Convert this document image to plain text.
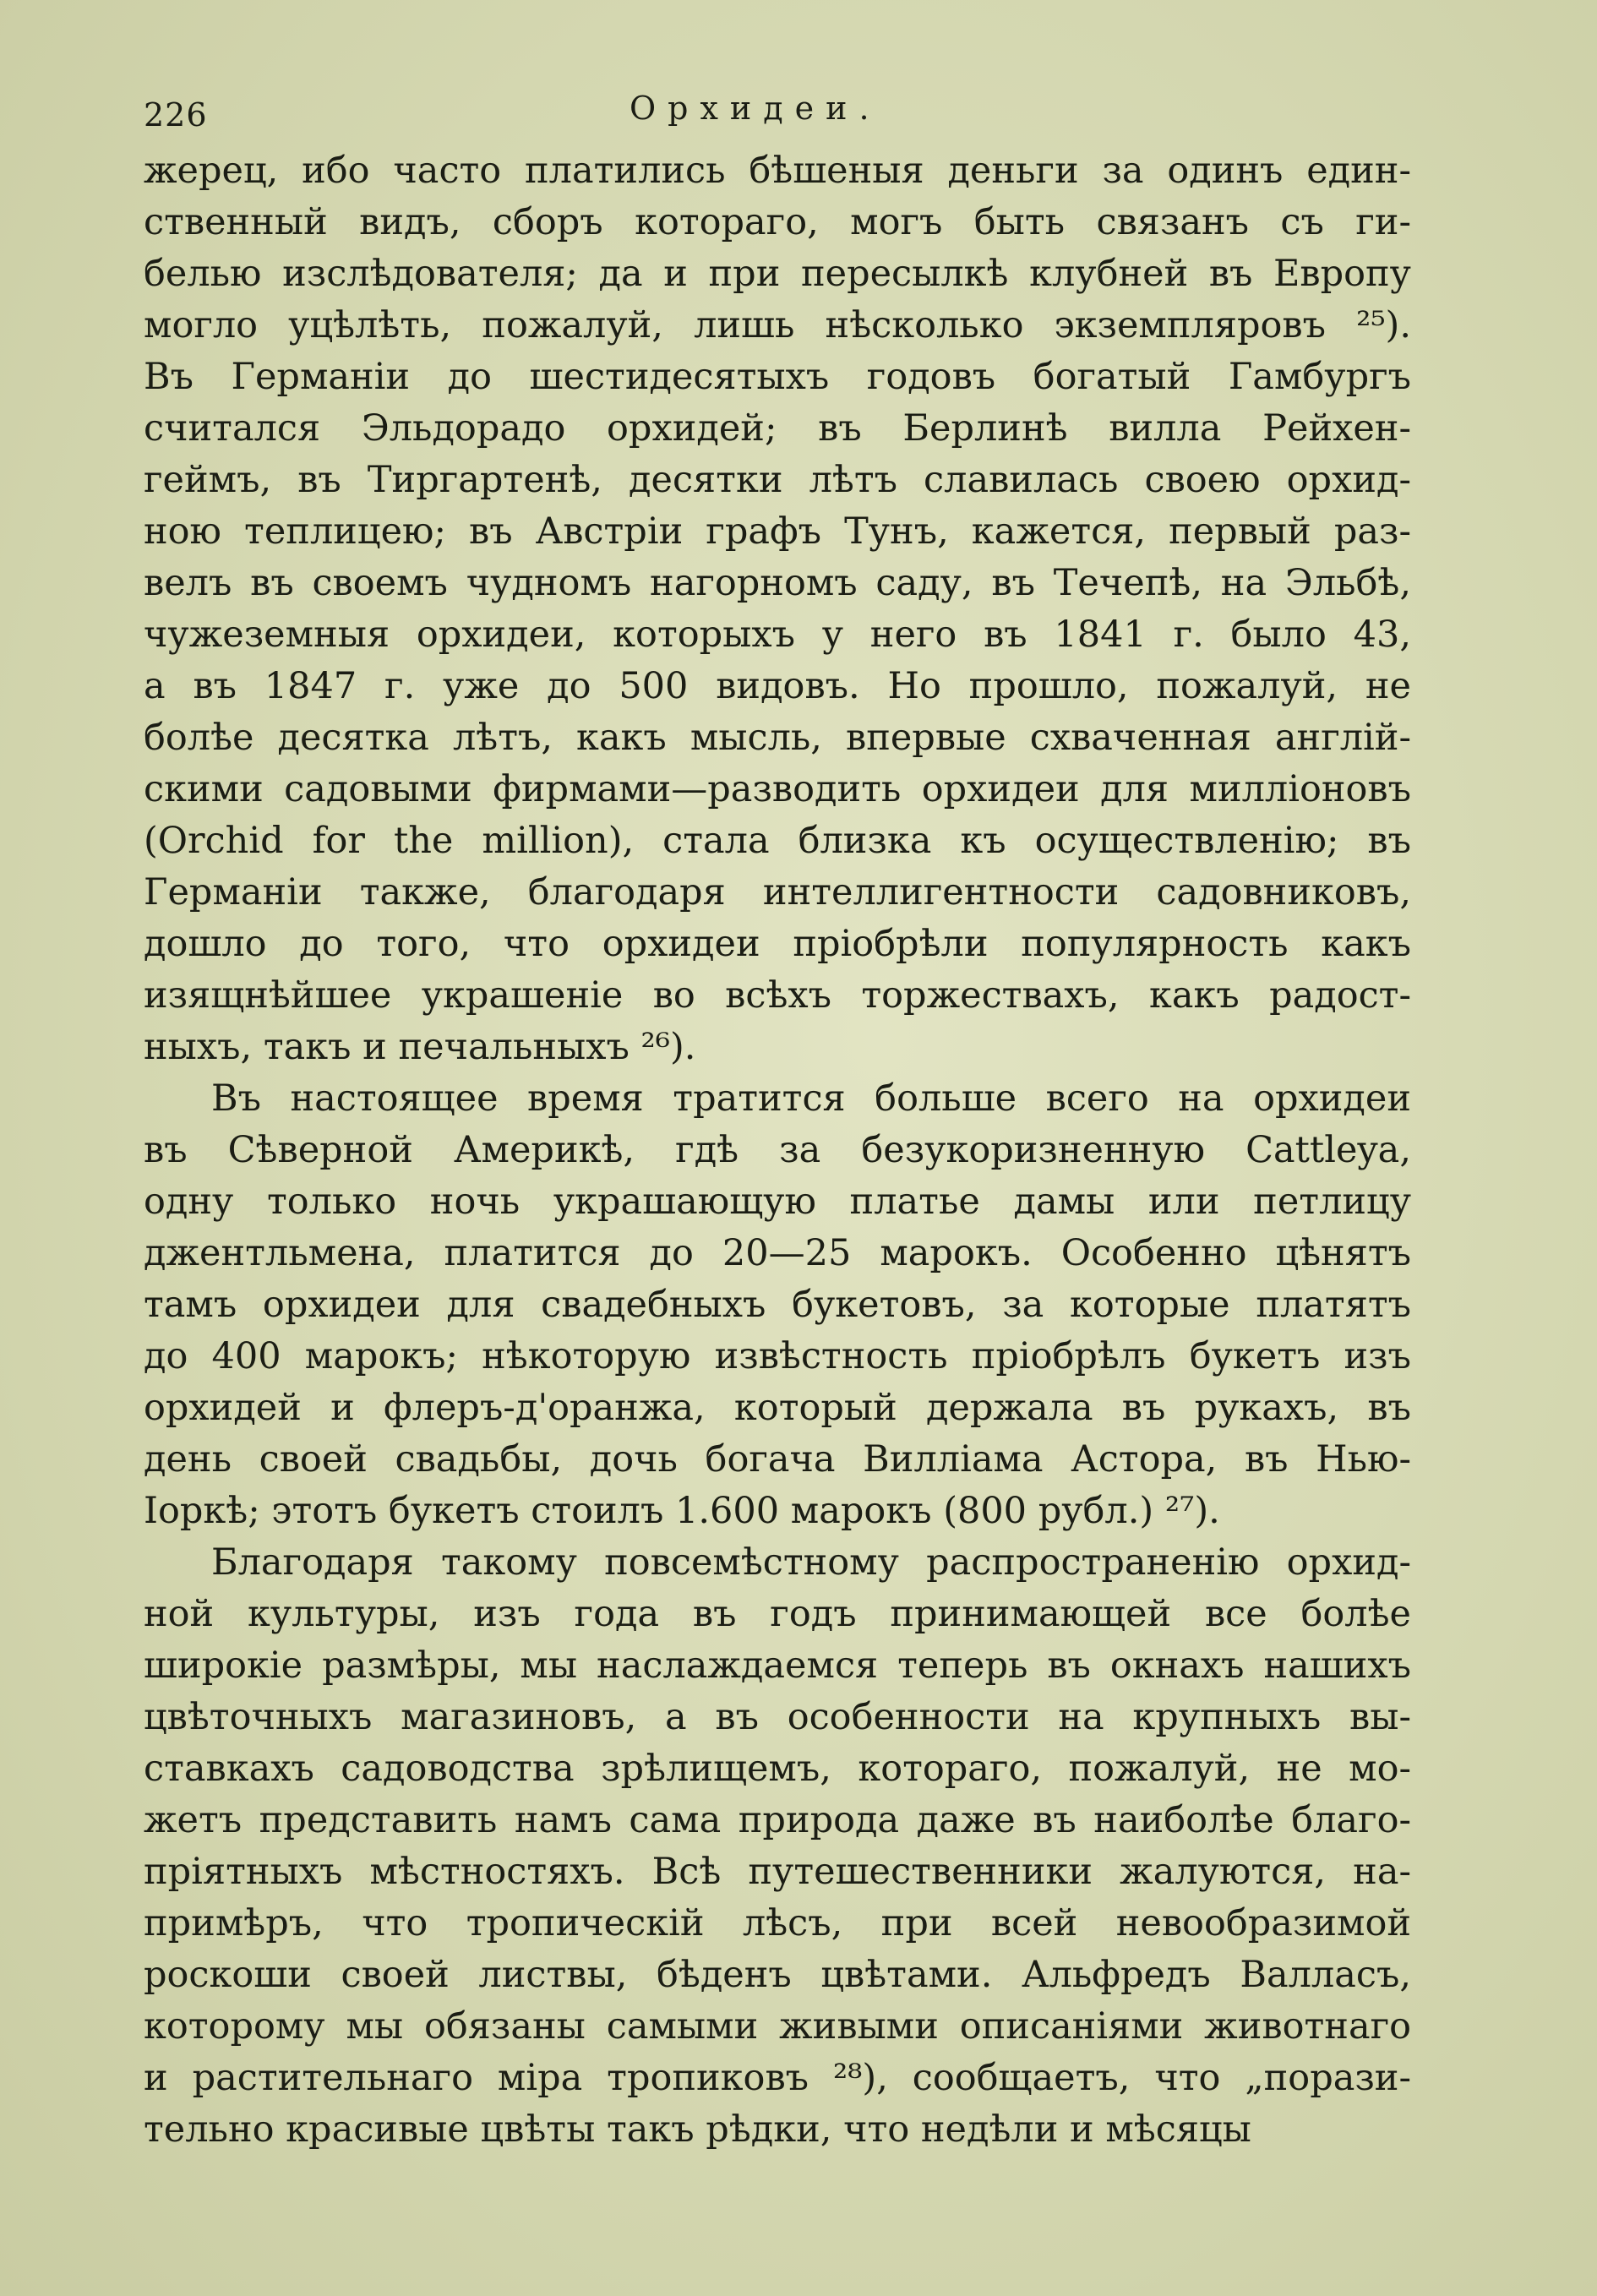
226	Орхидеи.

жерец, ибо часто платились бѣшеныя деньги за одинъ един-
ственный видъ, сборъ котораго, могъ быть связанъ съ ги-
белью изслѣдователя; да и при пересылкѣ клубней въ Европу
могло уцѣлѣть, пожалуй, лишь нѣсколько экземпляровъ ²⁵).
Въ Германіи до шестидесятыхъ годовъ богатый Гамбургъ
считался Эльдорадо орхидей; въ Берлинѣ вилла Рейхен-
геймъ, въ Тиргартенѣ, десятки лѣтъ славилась своею орхид-
ною теплицею; въ Австріи графъ Тунъ, кажется, первый раз-
велъ въ своемъ чудномъ нагорномъ саду, въ Течепѣ, на Эльбѣ,
чужеземныя орхидеи, которыхъ у него въ 1841 г. было 43,
а въ 1847 г. уже до 500 видовъ. Но прошло, пожалуй, не
болѣе десятка лѣтъ, какъ мысль, впервые схваченная англій-
скими садовыми фирмами—разводить орхидеи для милліоновъ
(Orchid for the million), стала близка къ осуществленію; въ
Германіи также, благодаря интеллигентности садовниковъ,
дошло до того, что орхидеи пріобрѣли популярность какъ
изящнѣйшее украшеніе во всѣхъ торжествахъ, какъ радост-
ныхъ, такъ и печальныхъ ²⁶).

Въ настоящее время тратится больше всего на орхидеи
въ Сѣверной Америкѣ, гдѣ за безукоризненную Cattleya,
одну только ночь украшающую платье дамы или петлицу
джентльмена, платится до 20—25 марокъ. Особенно цѣнятъ
тамъ орхидеи для свадебныхъ букетовъ, за которые платятъ
до 400 марокъ; нѣкоторую извѣстность пріобрѣлъ букетъ изъ
орхидей и флеръ-д'оранжа, который держала въ рукахъ, въ
день своей свадьбы, дочь богача Вилліама Астора, въ Нью-
Іоркѣ; этотъ букетъ стоилъ 1.600 марокъ (800 рубл.) ²⁷).

Благодаря такому повсемѣстному распространенію орхид-
ной культуры, изъ года въ годъ принимающей все болѣе
широкіе размѣры, мы наслаждаемся теперь въ окнахъ нашихъ
цвѣточныхъ магазиновъ, а въ особенности на крупныхъ вы-
ставкахъ садоводства зрѣлищемъ, котораго, пожалуй, не мо-
жетъ представить намъ сама природа даже въ наиболѣе благо-
пріятныхъ мѣстностяхъ. Всѣ путешественники жалуются, на-
примѣръ, что тропическій лѣсъ, при всей невообразимой
роскоши своей листвы, бѣденъ цвѣтами. Альфредъ Валласъ,
которому мы обязаны самыми живыми описаніями животнаго
и растительнаго міра тропиковъ ²⁸), сообщаетъ, что „порази-
тельно красивые цвѣты такъ рѣдки, что недѣли и мѣсяцы
